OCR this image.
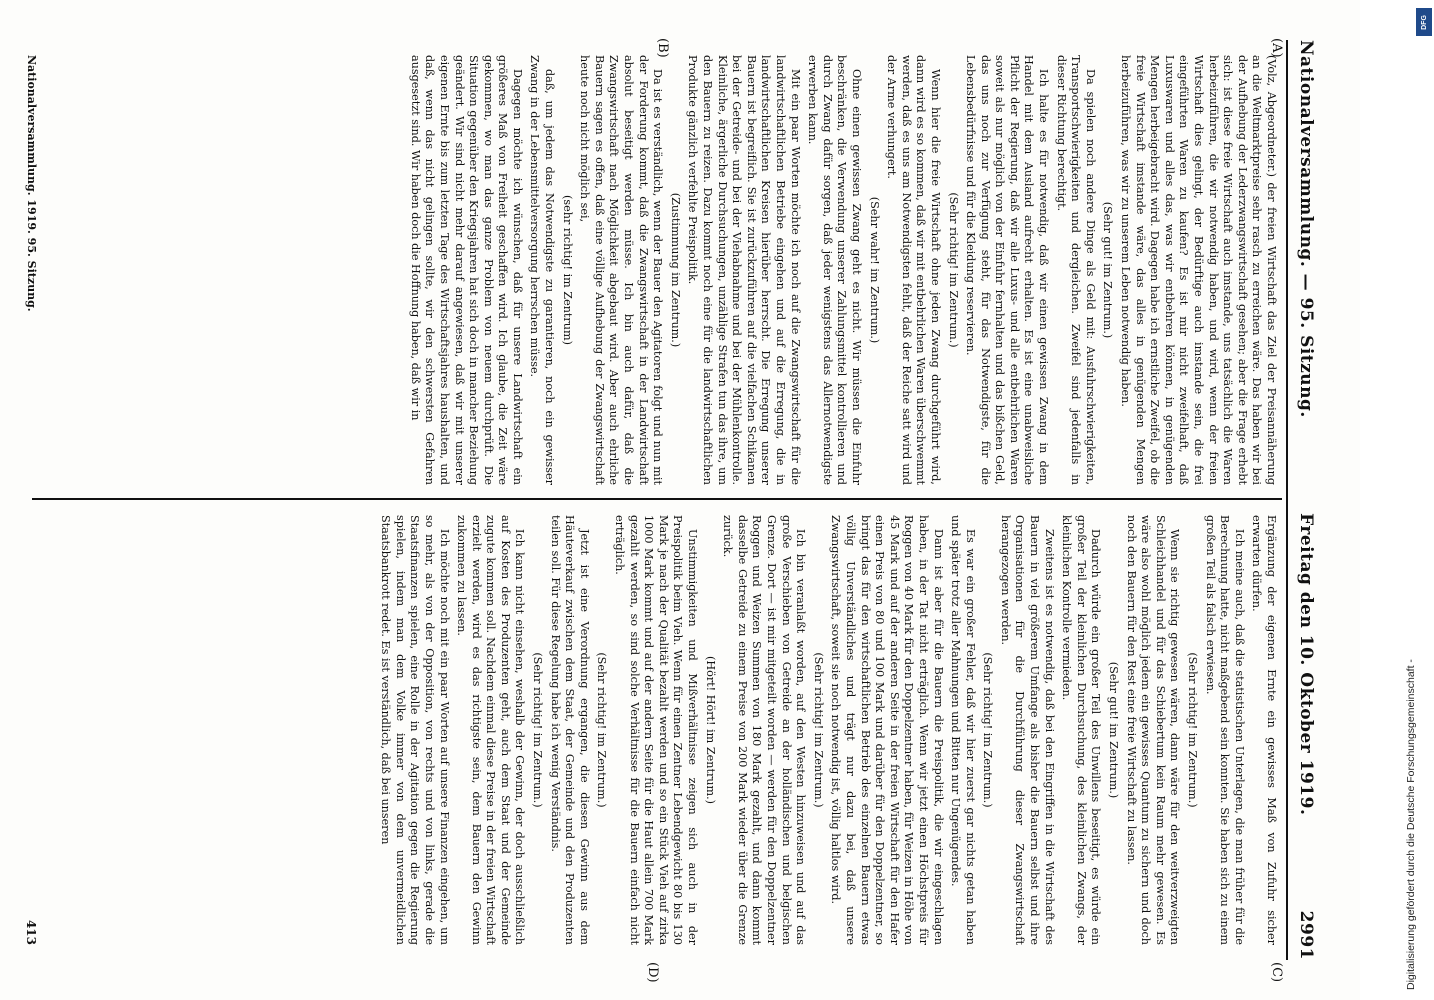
Nationalversammlung. — 95. Sitzung.
Freitag den 10. Oktober 1919.
2991
(A)
(B)
(C)
(D)

(Volz, Abgeordneter.) der freien Wirtschaft das Ziel der Preisannäherung an die Weltmarktpreise sehr rasch zu erreichen wäre. Das haben wir bei der Aufhebung der Lederzwangswirtschaft gesehen; aber die Frage erhebt sich: ist diese freie Wirtschaft auch imstande, uns tatsächlich die Waren herbeizuführen, die wir notwendig haben, und wird, wenn der freien Wirtschaft dies gelingt, der Bedürftige auch imstande sein, die frei eingeführten Waren zu kaufen? Es ist mir nicht zweifelhaft, daß Luxuswaren und alles das, was wir entbehren können, in genügenden Mengen herbeigebracht wird. Dagegen habe ich ernstliche Zweifel, ob die freie Wirtschaft imstande wäre, das alles in genügenden Mengen herbeizuführen, was wir zu unserem Leben notwendig haben.

(Sehr gut! im Zentrum.)

Da spielen noch andere Dinge als Geld mit: Ausfuhrschwierigkeiten, Transportschwierigkeiten und dergleichen. Zweifel sind jedenfalls in dieser Richtung berechtigt.

Ich halte es für notwendig, daß wir einen gewissen Zwang in dem Handel mit dem Ausland aufrecht erhalten. Es ist eine unabweisliche Pflicht der Regierung, daß wir alle Luxus- und alle entbehrlichen Waren soweit als nur möglich von der Einfuhr fernhalten und das bißchen Geld, das uns noch zur Verfügung steht, für das Notwendigste, für die Lebensbedürfnisse und für die Kleidung reservieren.

(Sehr richtig! im Zentrum.)

Wenn hier die freie Wirtschaft ohne jeden Zwang durchgeführt wird, dann wird es so kommen, daß wir mit entbehrlichen Waren überschwemmt werden, daß es uns am Notwendigsten fehlt, daß der Reiche satt wird und der Arme verhungert.

(Sehr wahr! im Zentrum.)

Ohne einen gewissen Zwang geht es nicht. Wir müssen die Einfuhr beschränken, die Verwendung unserer Zahlungsmittel kontrollieren und durch Zwang dafür sorgen, daß jeder wenigstens das Allernotwendigste erwerben kann.

Mit ein paar Worten möchte ich noch auf die Zwangswirtschaft für die landwirtschaftlichen Betriebe eingehen und auf die Erregung, die in landwirtschaftlichen Kreisen hierüber herrscht. Die Erregung unserer Bauern ist begreiflich. Sie ist zurückzuführen auf die vielfachen Schikanen bei der Getreide- und bei der Viehabnahme und bei der Mühlenkontrolle. Kleinliche, ärgerliche Durchsuchungen, unzählige Strafen tun das ihre, um den Bauern zu reizen. Dazu kommt noch eine für die landwirtschaftlichen Produkte gänzlich verfehlte Preispolitik.

(Zustimmung im Zentrum.)

Da ist es verständlich, wenn der Bauer den Agitatoren folgt und nun mit der Forderung kommt, daß die Zwangswirtschaft in der Landwirtschaft absolut beseitigt werden müsse. Ich bin auch dafür, daß die Zwangswirtschaft nach Möglichkeit abgebaut wird. Aber auch ehrliche Bauern sagen es offen, daß eine völlige Aufhebung der Zwangswirtschaft heute noch nicht möglich sei,

(sehr richtig! im Zentrum)

daß, um jedem das Notwendigste zu garantieren, noch ein gewisser Zwang in der Lebensmittelversorgung herrschen müsse.

Dagegen möchte ich wünschen, daß für unsere Landwirtschaft ein größeres Maß von Freiheit geschaffen wird. Ich glaube, die Zeit wäre gekommen, wo man das ganze Problem von neuem durchprüft. Die Situation gegenüber den Kriegsjahren hat sich doch in mancher Beziehung geändert. Wir sind nicht mehr darauf angewiesen, daß wir mit unserer eigenen Ernte bis zum letzten Tage des Wirtschaftsjahres haushalten, und daß, wenn das nicht gelingen sollte, wir den schwersten Gefahren ausgesetzt sind. Wir haben doch die Hoffnung haben, daß wir in

Ergänzung der eigenen Ernte ein gewisses Maß von Zufuhr sicher erwarten dürfen.

Ich meine auch, daß die statistischen Unterlagen, die man früher für die Berechnung hatte, nicht maßgebend sein konnten. Sie haben sich zu einem großen Teil als falsch erwiesen.

(Sehr richtig! im Zentrum.)

Wenn sie richtig gewesen wären, dann wäre für den weitverzweigten Schleichhandel und für das Schiebertum kein Raum mehr gewesen. Es wäre also wohl möglich jedem ein gewisses Quantum zu sichern und doch noch den Bauern für den Rest eine freie Wirtschaft zu lassen.

(Sehr gut! im Zentrum.)

Dadurch würde ein großer Teil des Unwillens beseitigt, es würde ein großer Teil der kleinlichen Durchsuchung, des kleinlichen Zwangs, der kleinlichen Kontrolle vermieden.

Zweitens ist es notwendig, daß bei den Eingriffen in die Wirtschaft des Bauern in viel größerem Umfange als bisher die Bauern selbst und ihre Organisationen für die Durchführung dieser Zwangswirtschaft herangezogen werden.

(Sehr richtig! im Zentrum.)

Es war ein großer Fehler, daß wir hier zuerst gar nichts getan haben und später trotz aller Mahnungen und Bitten nur Ungenügendes.

Dann ist aber für die Bauern die Preispolitik, die wir eingeschlagen haben, in der Tat nicht erträglich. Wenn wir jetzt einen Höchstpreis für Roggen von 40 Mark für den Doppelzentner haben, für Weizen in Höhe von 45 Mark und auf der anderen Seite in der freien Wirtschaft für den Hafer einen Preis von 80 und 100 Mark und darüber für den Doppelzentner, so bringt das für den wirtschaftlichen Betrieb des einzelnen Bauern etwas völlig Unverständliches und trägt nur dazu bei, daß unsere Zwangswirtschaft, soweit sie noch notwendig ist, völlig haltlos wird.

(Sehr richtig! im Zentrum.)

Ich bin veranlaßt worden, auf den Westen hinzuweisen und auf das große Verschieben von Getreide an der holländischen und belgischen Grenze. Dort — ist mir mitgeteilt worden — werden für den Doppelzentner Roggen und Weizen Summen von 180 Mark gezahlt, und dann kommt dasselbe Getreide zu einem Preise von 200 Mark wieder über die Grenze zurück.

(Hört! Hört! im Zentrum.)

Unstimmigkeiten und Mißverhältnisse zeigen sich auch in der Preispolitik beim Vieh. Wenn für einen Zentner Lebendgewicht 80 bis 130 Mark je nach der Qualität bezahlt werden und so ein Stück Vieh auf zirka 1000 Mark kommt und auf der andern Seite für die Haut allein 700 Mark gezahlt werden, so sind solche Verhältnisse für die Bauern einfach nicht erträglich.

(Sehr richtig! im Zentrum.)

Jetzt ist eine Verordnung ergangen, die diesen Gewinn aus dem Häuteverkauf zwischen dem Staat, der Gemeinde und den Produzenten teilen soll. Für diese Regelung habe ich wenig Verständnis.

(Sehr richtig! im Zentrum.)

Ich kann nicht einsehen, weshalb der Gewinn, der doch ausschließlich auf Kosten des Produzenten geht, auch dem Staat und der Gemeinde zugute kommen soll. Nachdem einmal diese Preise in der freien Wirtschaft erzielt werden, wird es das richtigste sein, dem Bauern den Gewinn zukommen zu lassen.

Ich möchte noch mit ein paar Worten auf unsere Finanzen eingehen, um so mehr, als von der Opposition, von rechts und von links, gerade die Staatsfinanzen spielen, eine Rolle in der Agitation gegen die Regierung spielen, indem man dem Volke immer von dem unvermeidlichen Staatsbankrott redet. Es ist verständlich, daß bei unseren

Nationalversammlung. 1919. 95. Sitzung.
413	Digitalisierung gefördert durch die Deutsche Forschungsgemeinschaft -
DFG
